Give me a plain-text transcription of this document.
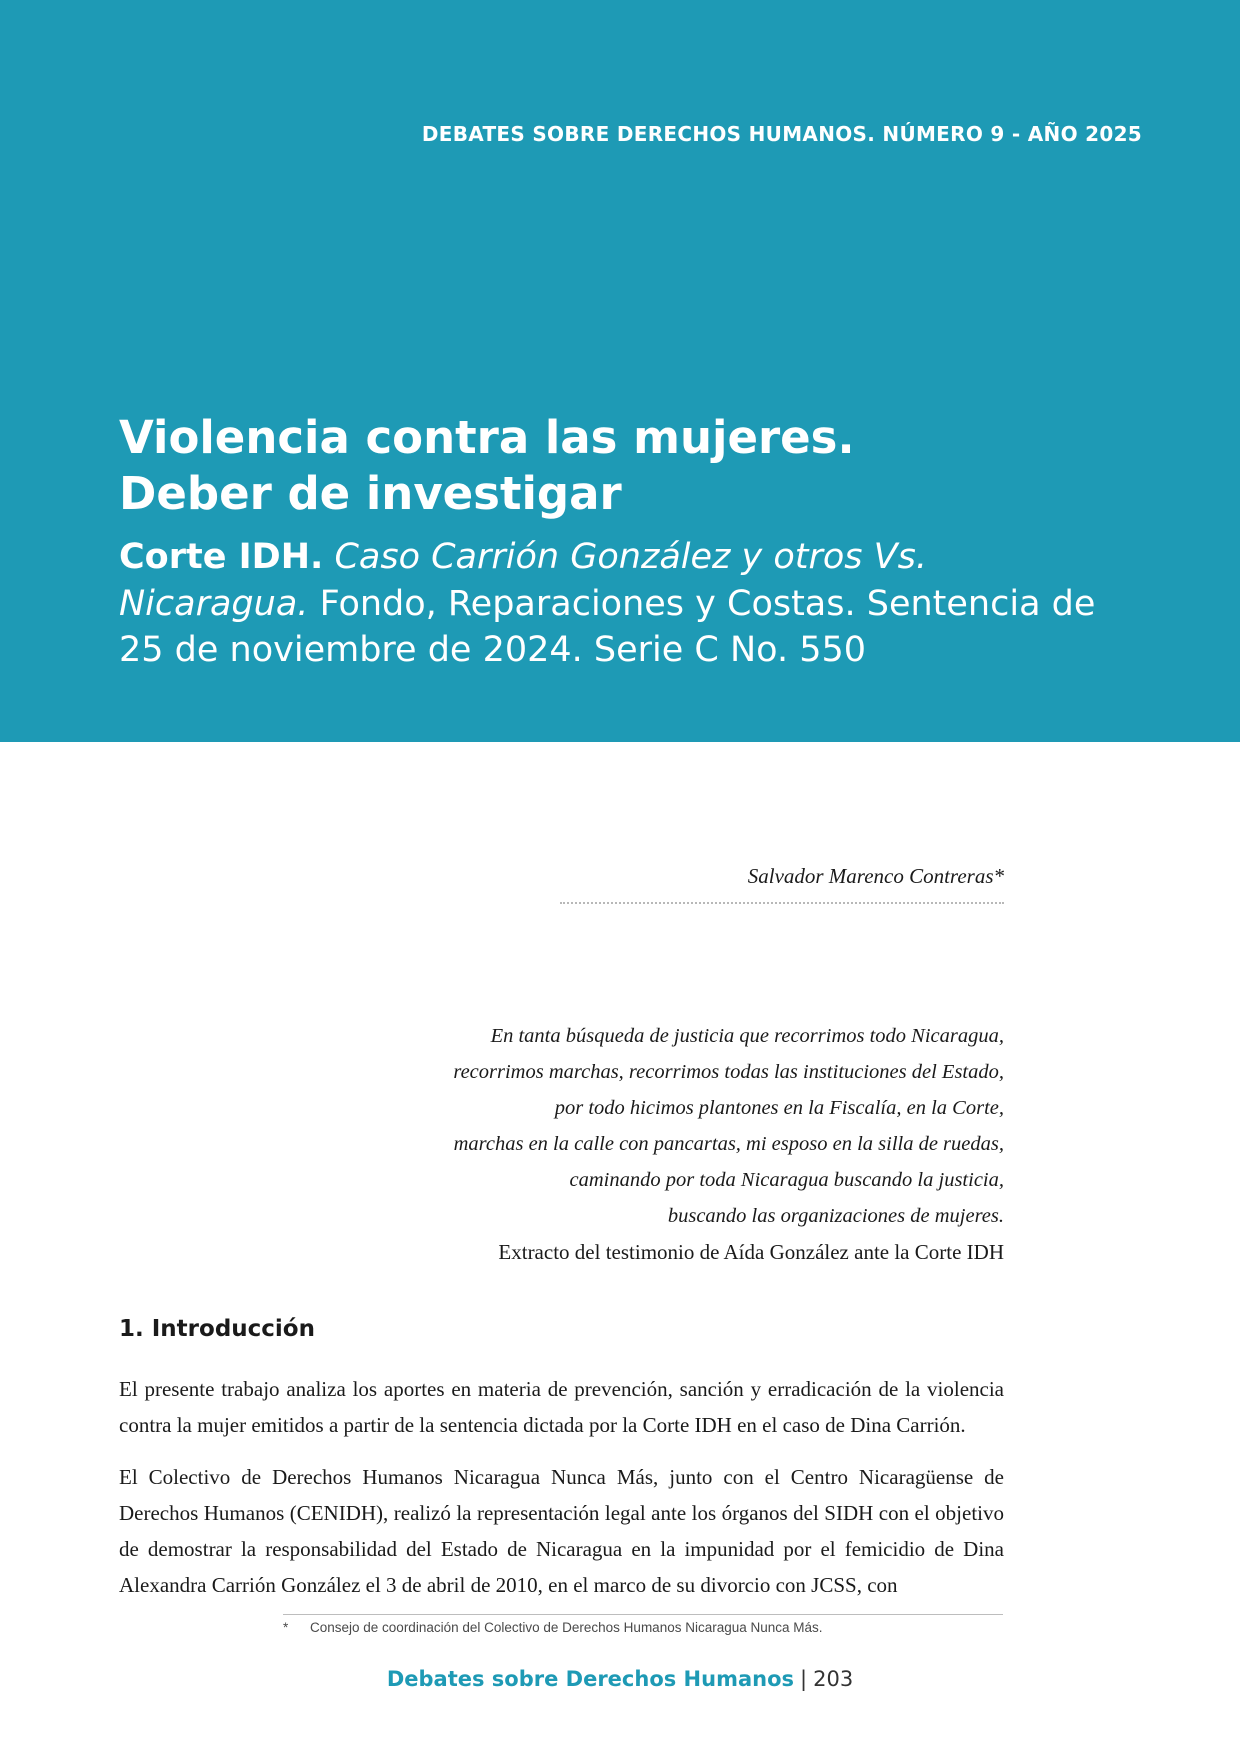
DEBATES SOBRE DERECHOS HUMANOS. NÚMERO 9 - AÑO 2025
Violencia contra las mujeres.
Deber de investigar

Corte IDH. Caso Carrión González y otros Vs. Nicaragua. Fondo, Reparaciones y Costas. Sentencia de 25 de noviembre de 2024. Serie C No. 550

Salvador Marenco Contreras*
En tanta búsqueda de justicia que recorrimos todo Nicaragua,
recorrimos marchas, recorrimos todas las instituciones del Estado,
por todo hicimos plantones en la Fiscalía, en la Corte,
marchas en la calle con pancartas, mi esposo en la silla de ruedas,
caminando por toda Nicaragua buscando la justicia,
buscando las organizaciones de mujeres.
Extracto del testimonio de Aída González ante la Corte IDH
1. Introducción

El presente trabajo analiza los aportes en materia de prevención, sanción y erradicación de la violencia contra la mujer emitidos a partir de la sentencia dictada por la Corte IDH en el caso de Dina Carrión.

El Colectivo de Derechos Humanos Nicaragua Nunca Más, junto con el Centro Nicaragüense de Derechos Humanos (CENIDH), realizó la representación legal ante los órganos del SIDH con el objetivo de demostrar la responsabilidad del Estado de Nicaragua en la impunidad por el femicidio de Dina Alexandra Carrión González el 3 de abril de 2010, en el marco de su divorcio con JCSS, con

* Consejo de coordinación del Colectivo de Derechos Humanos Nicaragua Nunca Más.
Debates sobre Derechos Humanos | 203
